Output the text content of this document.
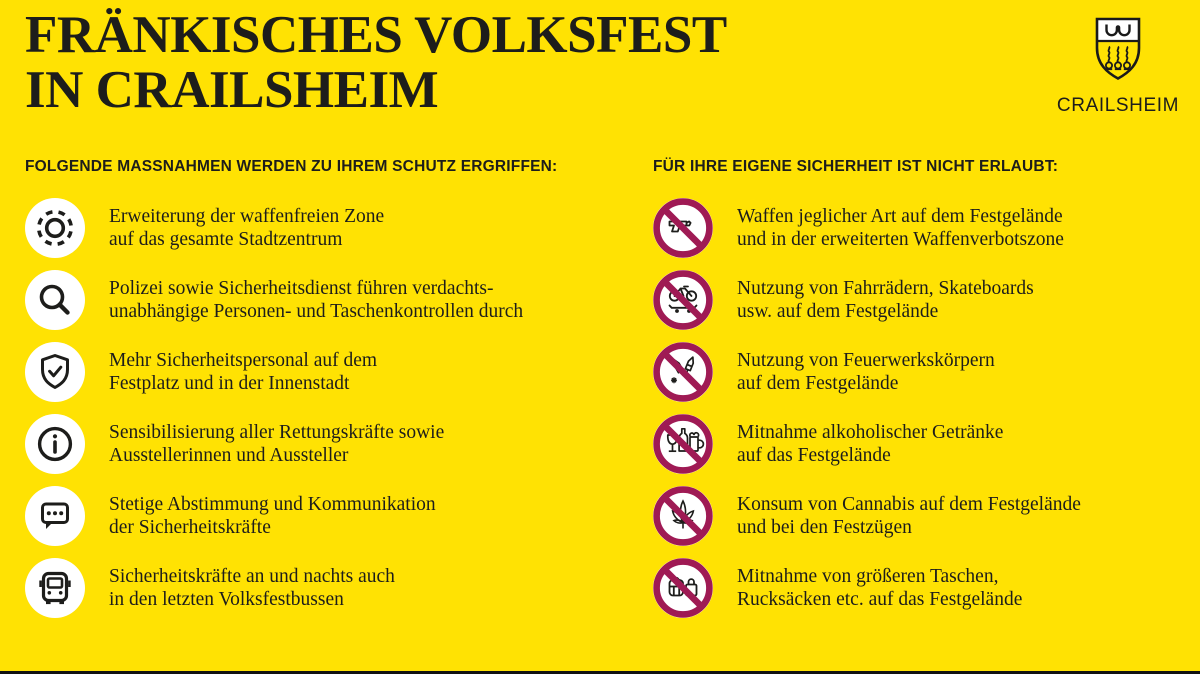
FRÄNKISCHES VOLKSFEST
IN CRAILSHEIM	CRAILSHEIM
FOLGENDE MASSNAHMEN WERDEN ZU IHREM SCHUTZ ERGRIFFEN:
Erweiterung der waffenfreien Zone
auf das gesamte Stadtzentrum
Polizei sowie Sicherheitsdienst führen verdachts-
unabhängige Personen- und Taschenkontrollen durch
Mehr Sicherheitspersonal auf dem
Festplatz und in der Innenstadt
Sensibilisierung aller Rettungskräfte sowie
Ausstellerinnen und Aussteller
Stetige Abstimmung und Kommunikation
der Sicherheitskräfte
Sicherheitskräfte an und nachts auch
in den letzten Volksfestbussen
FÜR IHRE EIGENE SICHERHEIT IST NICHT ERLAUBT:
Waffen jeglicher Art auf dem Festgelände
und in der erweiterten Waffenverbotszone
Nutzung von Fahrrädern, Skateboards
usw. auf dem Festgelände
Nutzung von Feuerwerkskörpern
auf dem Festgelände
Mitnahme alkoholischer Getränke
auf das Festgelände
Konsum von Cannabis auf dem Festgelände
und bei den Festzügen
Mitnahme von größeren Taschen,
Rucksäcken etc. auf das Festgelände
